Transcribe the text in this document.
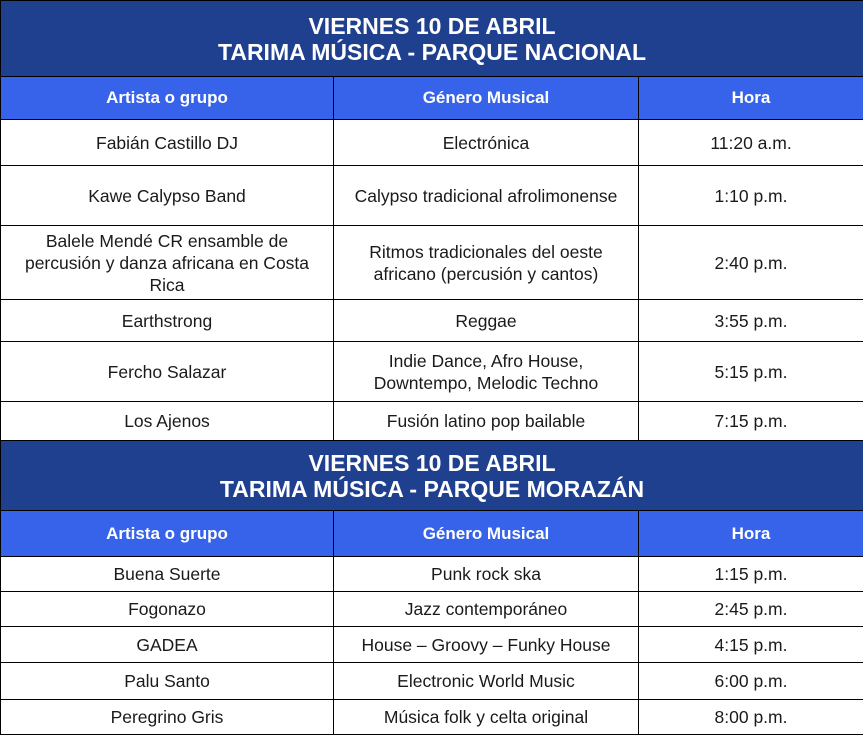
VIERNES 10 DE ABRIL
TARIMA MÚSICA - PARQUE NACIONAL		

Artista o grupo	Género Musical	Hora
Fabián Castillo DJ	Electrónica	11:20 a.m.
Kawe Calypso Band	Calypso tradicional afrolimonense	1:10 p.m.
Balele Mendé CR ensamble de percusión y danza africana en Costa Rica	Ritmos tradicionales del oeste africano (percusión y cantos)	2:40 p.m.
Earthstrong	Reggae	3:55 p.m.
Fercho Salazar	Indie Dance, Afro House, Downtempo, Melodic Techno	5:15 p.m.
Los Ajenos	Fusión latino pop bailable	7:15 p.m.
VIERNES 10 DE ABRIL
TARIMA MÚSICA - PARQUE MORAZÁN		

Artista o grupo	Género Musical	Hora
Buena Suerte	Punk rock ska	1:15 p.m.
Fogonazo	Jazz contemporáneo	2:45 p.m.
GADEA	House – Groovy – Funky House	4:15 p.m.
Palu Santo	Electronic World Music	6:00 p.m.
Peregrino Gris	Música folk y celta original	8:00 p.m.
